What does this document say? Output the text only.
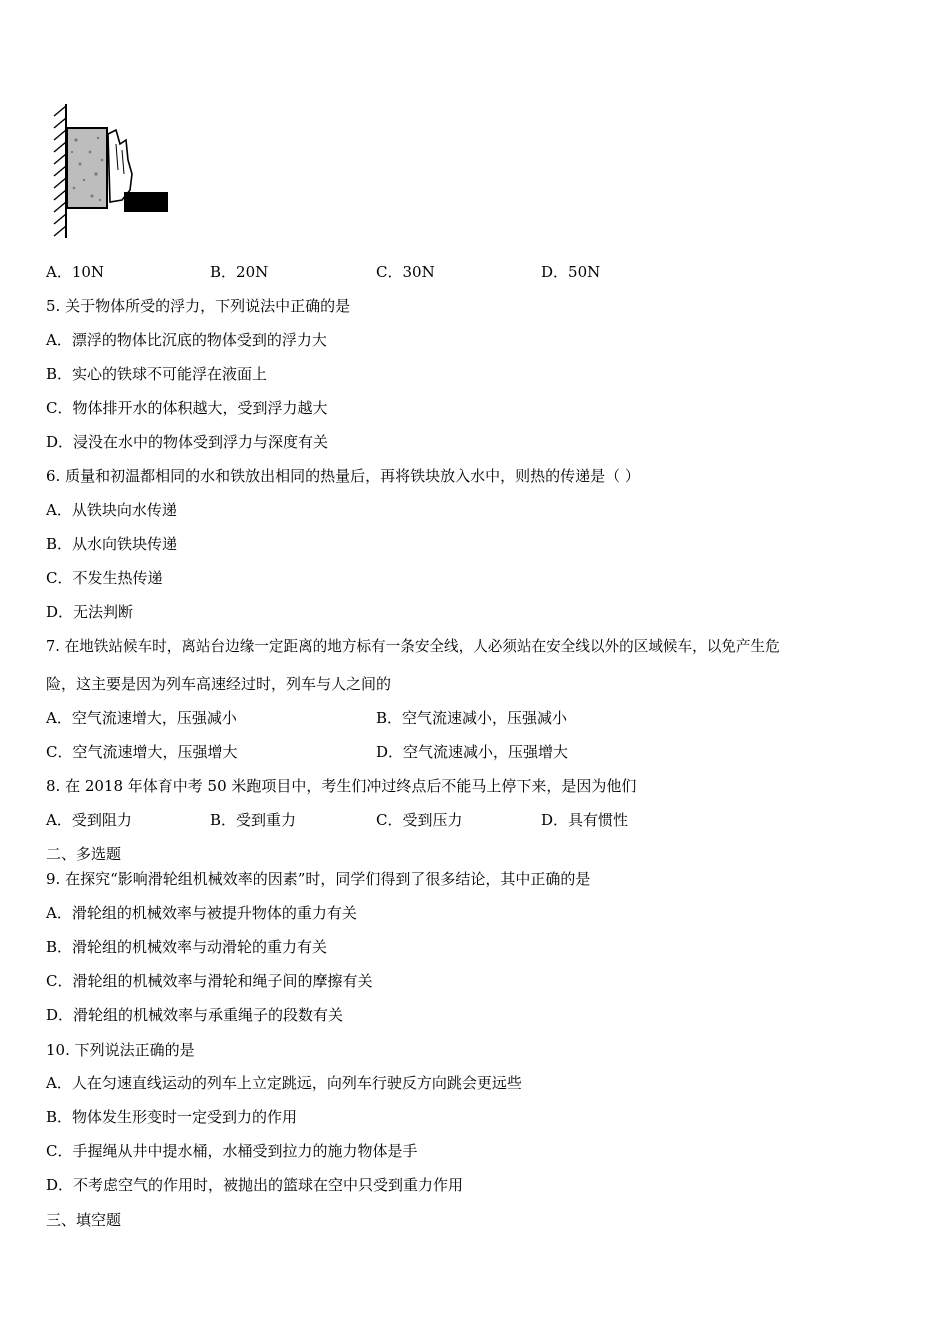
A．10N	B．20N	C．30N	D．50N
5. 关于物体所受的浮力，下列说法中正确的是
A．漂浮的物体比沉底的物体受到的浮力大
B．实心的铁球不可能浮在液面上
C．物体排开水的体积越大，受到浮力越大
D．浸没在水中的物体受到浮力与深度有关
6. 质量和初温都相同的水和铁放出相同的热量后，再将铁块放入水中，则热的传递是（ ）
A．从铁块向水传递
B．从水向铁块传递
C．不发生热传递
D．无法判断
7. 在地铁站候车时，离站台边缘一定距离的地方标有一条安全线，人必须站在安全线以外的区域候车，以免产生危
险，这主要是因为列车高速经过时，列车与人之间的
A．空气流速增大，压强减小	B．空气流速减小，压强减小
C．空气流速增大，压强增大	D．空气流速减小，压强增大
8. 在 2018 年体育中考 50 米跑项目中，考生们冲过终点后不能马上停下来，是因为他们
A．受到阻力	B．受到重力	C．受到压力	D．具有惯性
二、多选题
9. 在探究“影响滑轮组机械效率的因素”时，同学们得到了很多结论，其中正确的是
A．滑轮组的机械效率与被提升物体的重力有关
B．滑轮组的机械效率与动滑轮的重力有关
C．滑轮组的机械效率与滑轮和绳子间的摩擦有关
D．滑轮组的机械效率与承重绳子的段数有关
10. 下列说法正确的是
A．人在匀速直线运动的列车上立定跳远，向列车行驶反方向跳会更远些
B．物体发生形变时一定受到力的作用
C．手握绳从井中提水桶，水桶受到拉力的施力物体是手
D．不考虑空气的作用时，被抛出的篮球在空中只受到重力作用
三、填空题
